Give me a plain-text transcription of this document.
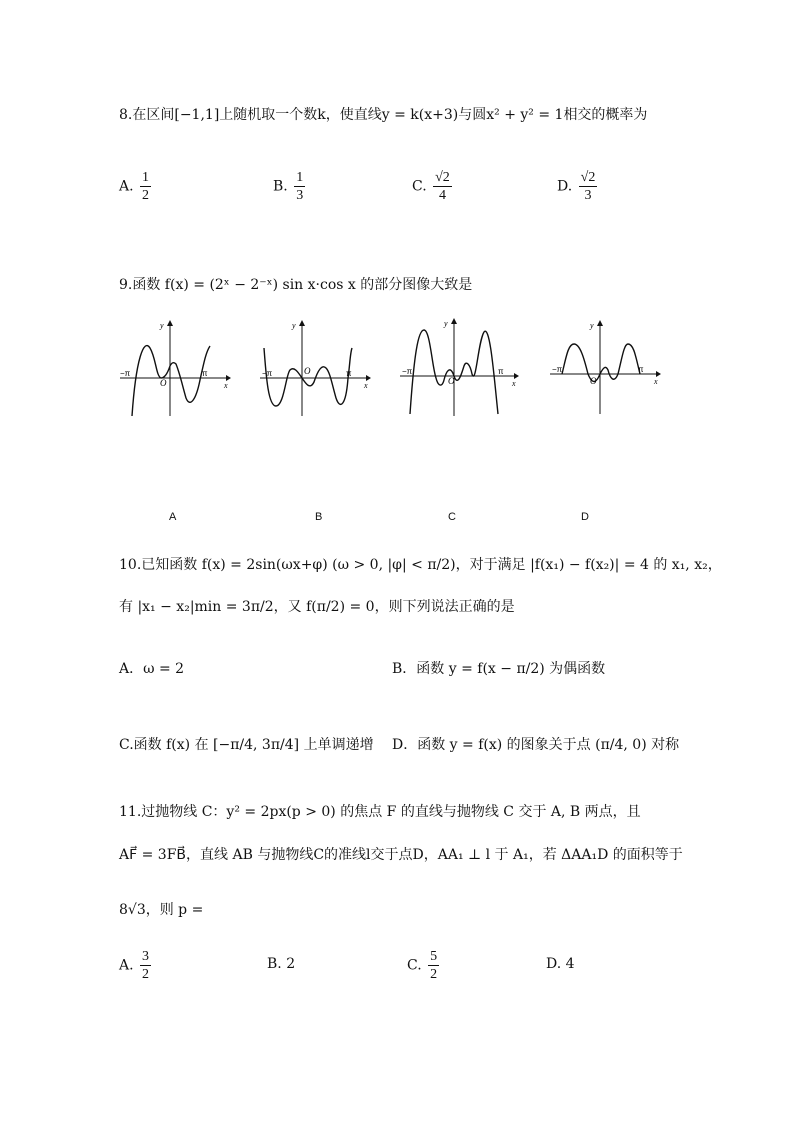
8.在区间[−1,1]上随机取一个数k，使直线y = k(x+3)与圆x² + y² = 1相交的概率为
A. $\frac{1}{2}$	B. $\frac{1}{3}$	C. $\frac{√2}{4}$	D. $\frac{√2}{3}$
9.函数 f(x) = (2ˣ − 2⁻ˣ) sin x·cos x 的部分图像大致是
−π	π
O
y
x
−π	π
O
y
x
−π	π
O
y
x
−π	π
O
y
x
A	B	C	D
10.已知函数 f(x) = 2sin(ωx+φ) (ω > 0, |φ| < π/2)，对于满足 |f(x₁) − f(x₂)| = 4 的 x₁, x₂，
有 |x₁ − x₂|min = 3π/2，又 f(π/2) = 0，则下列说法正确的是
A．ω = 2	B．函数 y = f(x − π/2) 为偶函数
C.函数 f(x) 在 [−π/4, 3π/4] 上单调递增 D．函数 y = f(x) 的图象关于点 (π/4, 0) 对称
11.过抛物线 C：y² = 2px(p > 0) 的焦点 F 的直线与抛物线 C 交于 A, B 两点，且
AF⃗ = 3FB⃗，直线 AB 与抛物线C的准线l交于点D，AA₁ ⊥ l 于 A₁，若 ΔAA₁D 的面积等于
8√3，则 p =
A. $\frac{3}{2}$	B. 2	C. $\frac{5}{2}$	D. 4
